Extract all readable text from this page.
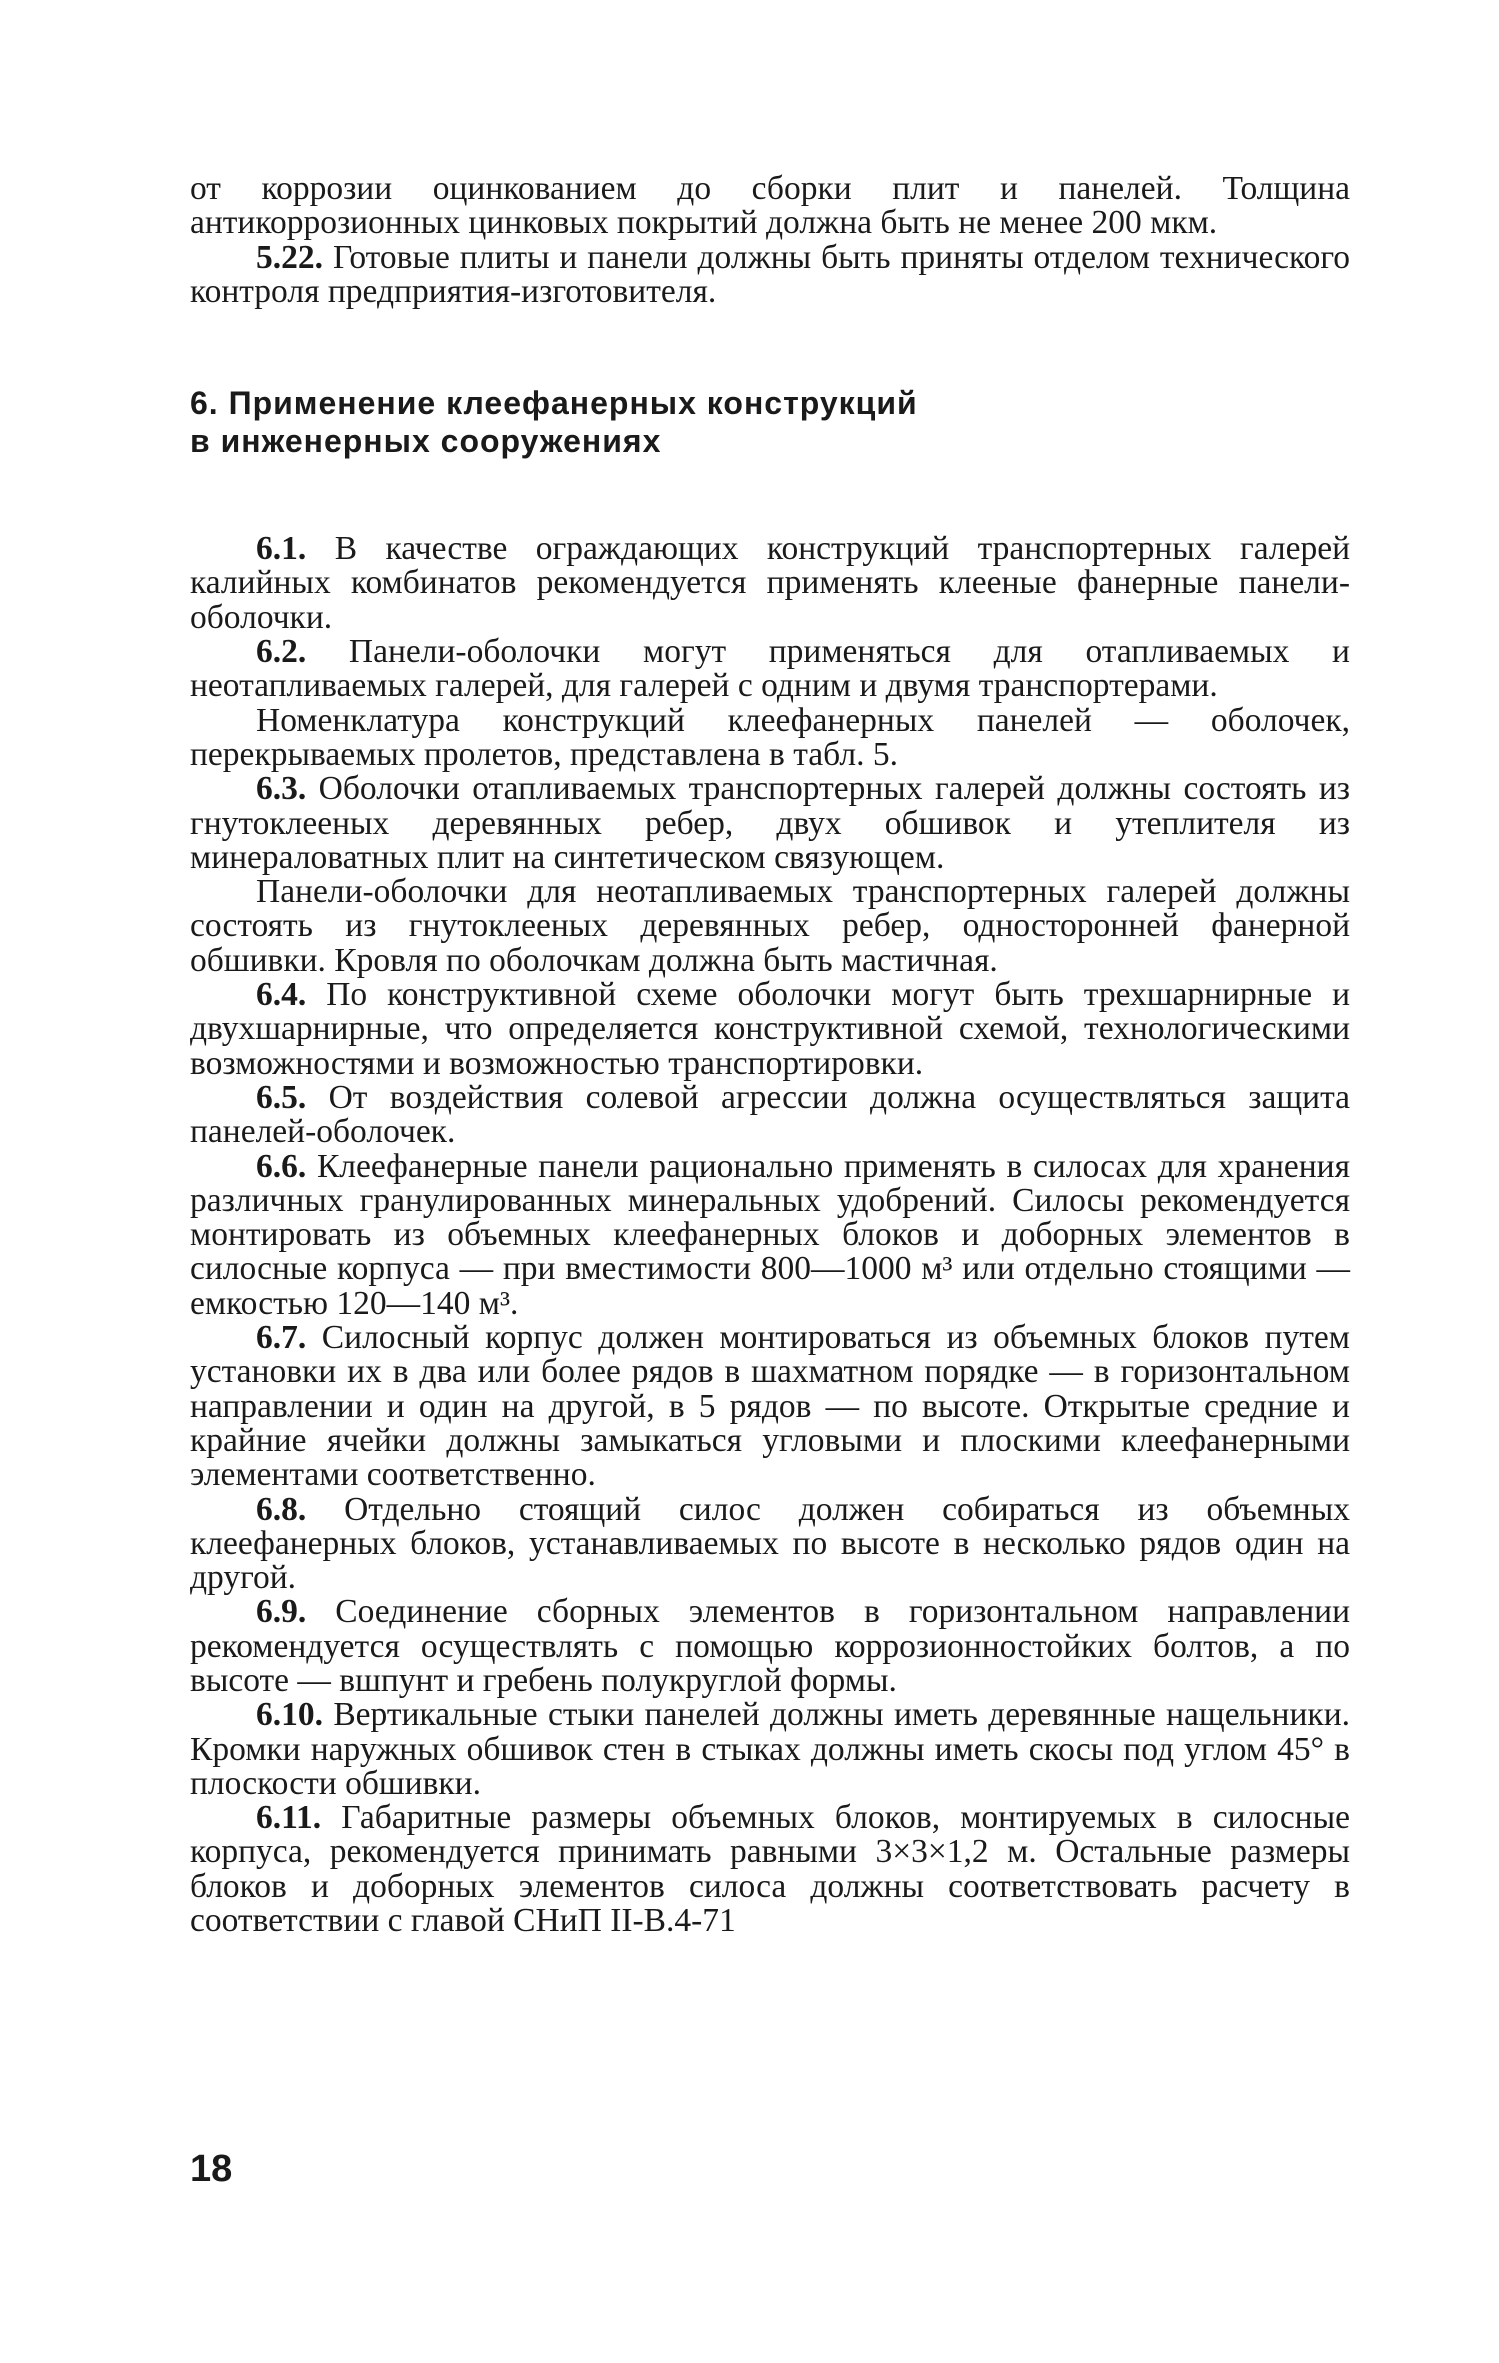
от коррозии оцинкованием до сборки плит и панелей. Толщина антикоррозионных цинковых покрытий должна быть не менее 200 мкм.

5.22. Готовые плиты и панели должны быть приняты отделом технического контроля предприятия-изготовителя.

6. Применение клеефанерных конструкций
в инженерных сооружениях

6.1. В качестве ограждающих конструкций транспортерных галерей калийных комбинатов рекомендуется применять клееные фанерные панели-оболочки.

6.2. Панели-оболочки могут применяться для отапливаемых и неотапливаемых галерей, для галерей с одним и двумя транспортерами.

Номенклатура конструкций клеефанерных панелей — оболочек, перекрываемых пролетов, представлена в табл. 5.

6.3. Оболочки отапливаемых транспортерных галерей должны состоять из гнутоклееных деревянных ребер, двух обшивок и утеплителя из минераловатных плит на синтетическом связующем.

Панели-оболочки для неотапливаемых транспортерных галерей должны состоять из гнутоклееных деревянных ребер, односторонней фанерной обшивки. Кровля по оболочкам должна быть мастичная.

6.4. По конструктивной схеме оболочки могут быть трехшарнирные и двухшарнирные, что определяется конструктивной схемой, технологическими возможностями и возможностью транспортировки.

6.5. От воздействия солевой агрессии должна осуществляться защита панелей-оболочек.

6.6. Клеефанерные панели рационально применять в силосах для хранения различных гранулированных минеральных удобрений. Силосы рекомендуется монтировать из объемных клеефанерных блоков и доборных элементов в силосные корпуса — при вместимости 800—1000 м³ или отдельно стоящими — емкостью 120—140 м³.

6.7. Силосный корпус должен монтироваться из объемных блоков путем установки их в два или более рядов в шахматном порядке — в горизонтальном направлении и один на другой, в 5 рядов — по высоте. Открытые средние и крайние ячейки должны замыкаться угловыми и плоскими клеефанерными элементами соответственно.

6.8. Отдельно стоящий силос должен собираться из объемных клеефанерных блоков, устанавливаемых по высоте в несколько рядов один на другой.

6.9. Соединение сборных элементов в горизонтальном направлении рекомендуется осуществлять с помощью коррозионностойких болтов, а по высоте — вшпунт и гребень полукруглой формы.

6.10. Вертикальные стыки панелей должны иметь деревянные нащельники. Кромки наружных обшивок стен в стыках должны иметь скосы под углом 45° в плоскости обшивки.

6.11. Габаритные размеры объемных блоков, монтируемых в силосные корпуса, рекомендуется принимать равными 3×3×1,2 м. Остальные размеры блоков и доборных элементов силоса должны соответствовать расчету в соответствии с главой СНиП II-В.4-71

18
